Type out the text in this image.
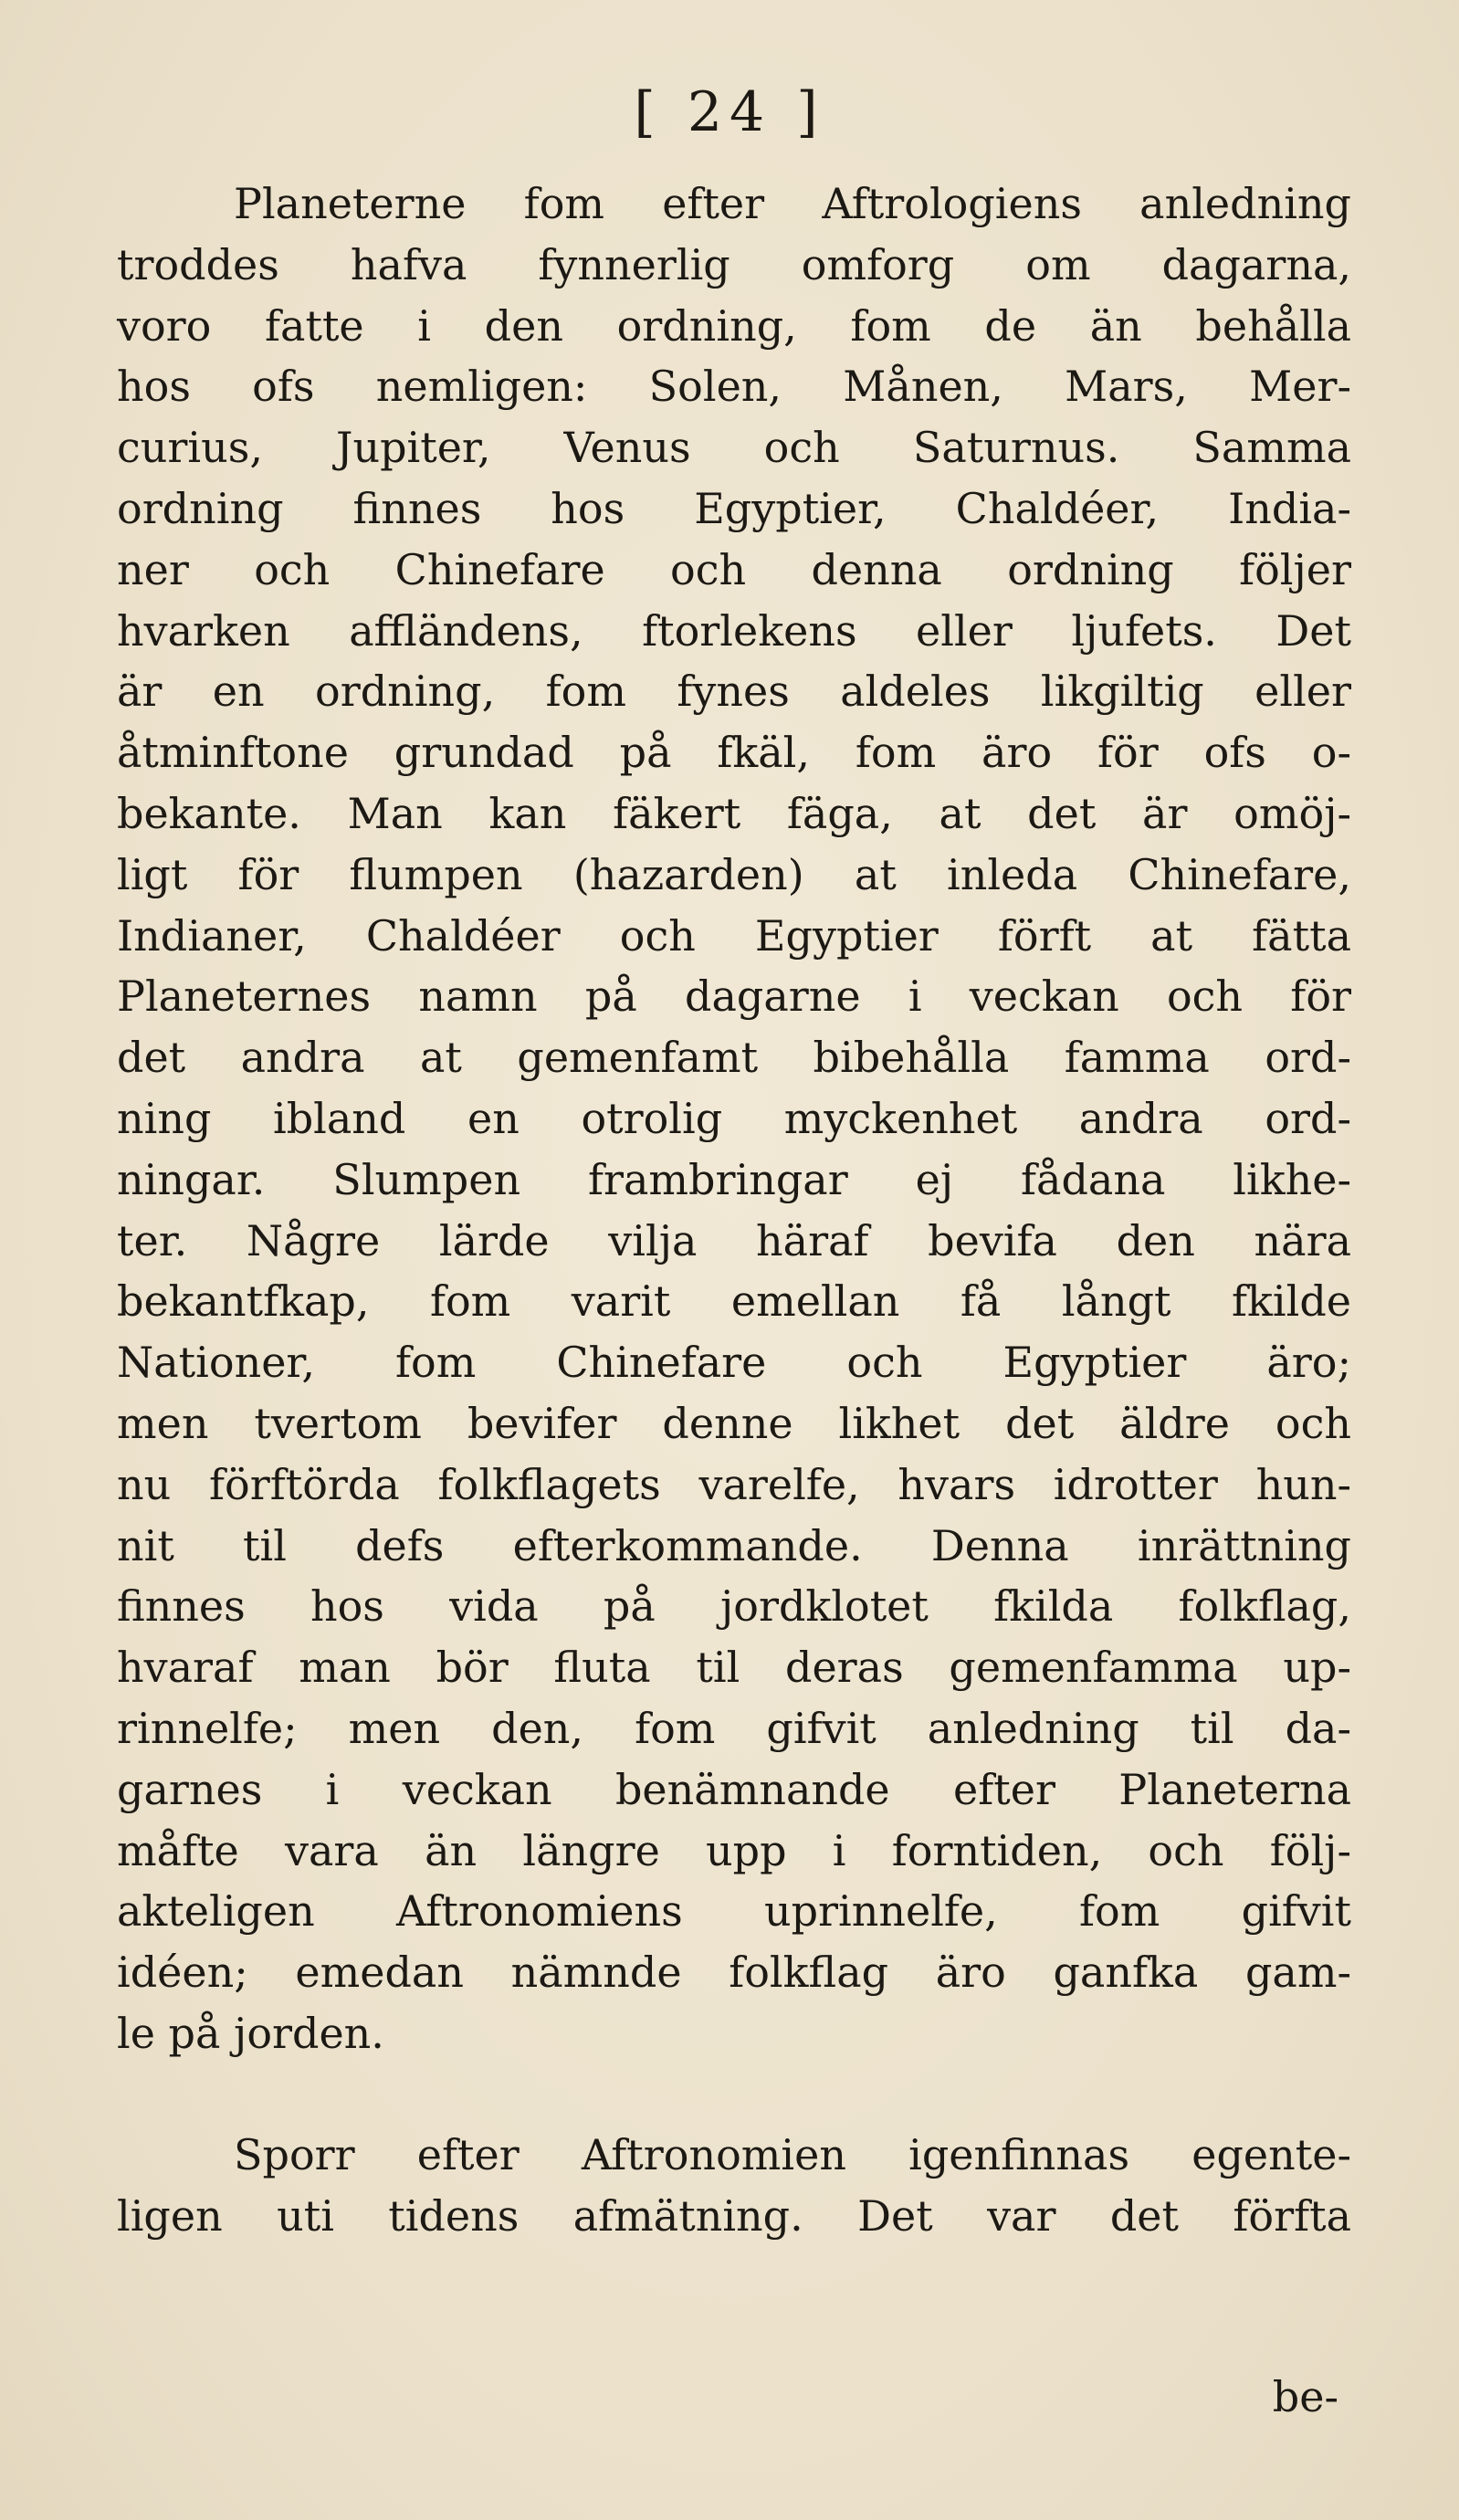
[ 24 ]
Planeterne fom efter Aftrologiens anledning
troddes hafva fynnerlig omforg om dagarna,
voro fatte i den ordning, fom de än behålla
hos ofs nemligen: Solen, Månen, Mars, Mer-
curius, Jupiter, Venus och Saturnus. Samma
ordning finnes hos Egyptier, Chaldéer, India-
ner och Chinefare och denna ordning följer
hvarken affländens, ftorlekens eller ljufets. Det
är en ordning, fom fynes aldeles likgiltig eller
åtminftone grundad på fkäl, fom äro för ofs o-
bekante. Man kan fäkert fäga, at det är omöj-
ligt för flumpen (hazarden) at inleda Chinefare,
Indianer, Chaldéer och Egyptier förft at fätta
Planeternes namn på dagarne i veckan och för
det andra at gemenfamt bibehålla famma ord-
ning ibland en otrolig myckenhet andra ord-
ningar. Slumpen frambringar ej fådana likhe-
ter. Någre lärde vilja häraf bevifa den nära
bekantfkap, fom varit emellan få långt fkilde
Nationer, fom Chinefare och Egyptier äro;
men tvertom bevifer denne likhet det äldre och
nu förftörda folkflagets varelfe, hvars idrotter hun-
nit til defs efterkommande. Denna inrättning
finnes hos vida på jordklotet fkilda folkflag,
hvaraf man bör fluta til deras gemenfamma up-
rinnelfe; men den, fom gifvit anledning til da-
garnes i veckan benämnande efter Planeterna
måfte vara än längre upp i forntiden, och följ-
akteligen Aftronomiens uprinnelfe, fom gifvit
idéen; emedan nämnde folkflag äro ganfka gam-
le på jorden.
Sporr efter Aftronomien igenfinnas egente-
ligen uti tidens afmätning. Det var det förfta
be-
